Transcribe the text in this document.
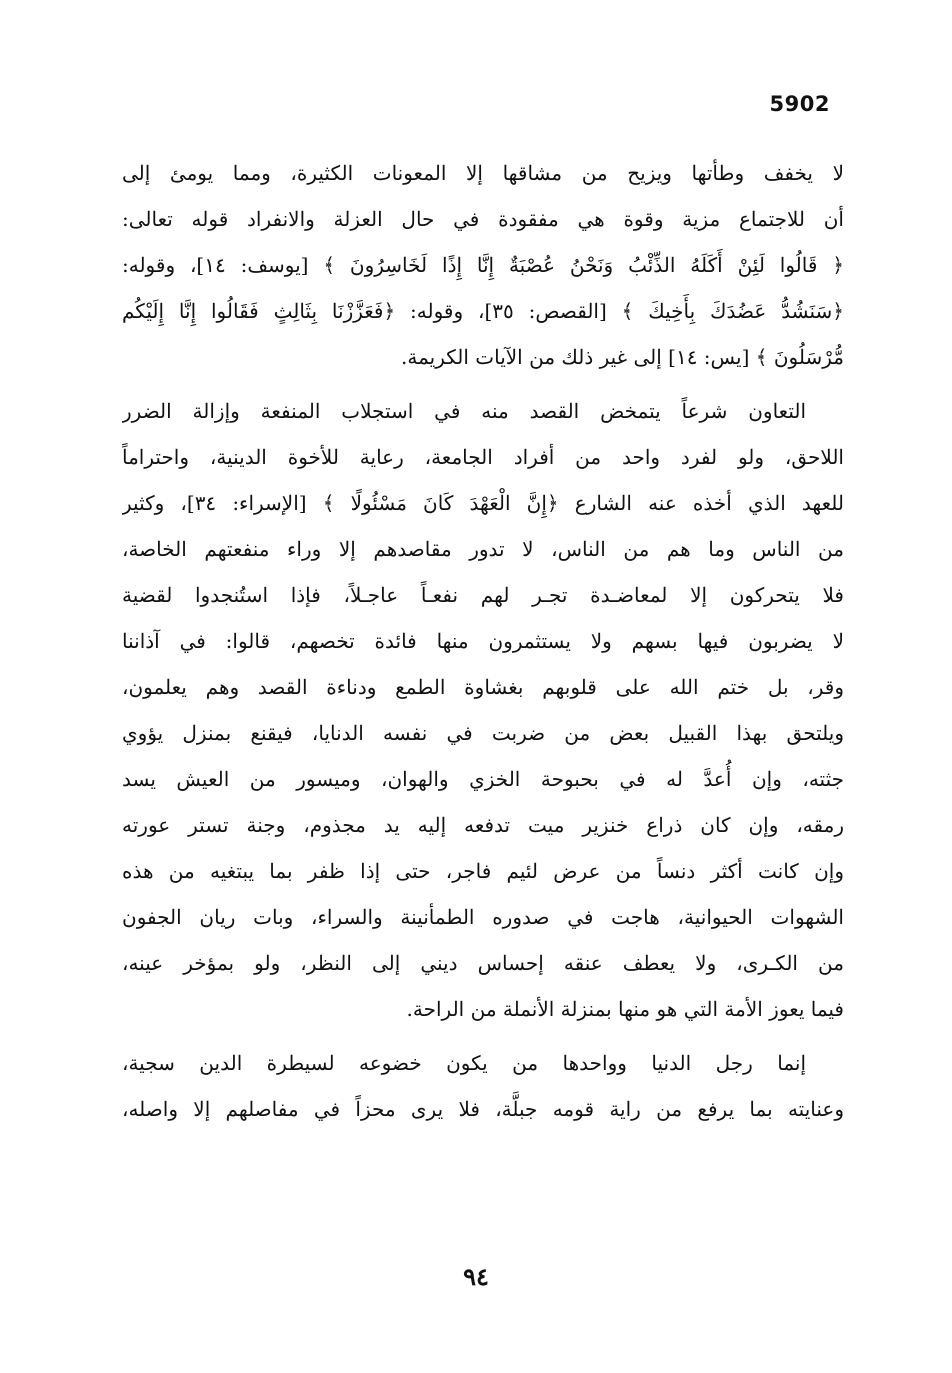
5902
لا يخفف وطأتها ويزيح من مشاقها إلا المعونات الكثيرة، ومما يومئ إلى
أن للاجتماع مزية وقوة هي مفقودة في حال العزلة والانفراد قوله تعالى:
﴿ قَالُوا لَئِنْ أَكَلَهُ الذِّئْبُ وَنَحْنُ عُصْبَةٌ إِنَّا إِذًا لَخَاسِرُونَ ﴾ [يوسف: ١٤]، وقوله:
﴿سَنَشُدُّ عَضُدَكَ بِأَخِيكَ ﴾ [القصص: ٣٥]، وقوله: ﴿فَعَزَّزْنَا بِثَالِثٍ فَقَالُوا إِنَّا إِلَيْكُم
مُّرْسَلُونَ ﴾ [يس: ١٤] إلى غير ذلك من الآيات الكريمة.
التعاون شرعاً يتمخض القصد منه في استجلاب المنفعة وإزالة الضرر
اللاحق، ولو لفرد واحد من أفراد الجامعة، رعاية للأخوة الدينية، واحتراماً
للعهد الذي أخذه عنه الشارع ﴿إِنَّ الْعَهْدَ كَانَ مَسْئُولًا ﴾ [الإسراء: ٣٤]، وكثير
من الناس وما هم من الناس، لا تدور مقاصدهم إلا وراء منفعتهم الخاصة،
فلا يتحركون إلا لمعاضـدة تجـر لهم نفعـاً عاجـلاً، فإذا استُنجدوا لقضية
لا يضربون فيها بسهم ولا يستثمرون منها فائدة تخصهم، قالوا: في آذاننا
وقر، بل ختم الله على قلوبهم بغشاوة الطمع ودناءة القصد وهم يعلمون،
ويلتحق بهذا القبيل بعض من ضربت في نفسه الدنايا، فيقنع بمنزل يؤوي
جثته، وإن أُعدَّ له في بحبوحة الخزي والهوان، وميسور من العيش يسد
رمقه، وإن كان ذراع خنزير ميت تدفعه إليه يد مجذوم، وجنة تستر عورته
وإن كانت أكثر دنساً من عرض لئيم فاجر، حتى إذا ظفر بما يبتغيه من هذه
الشهوات الحيوانية، هاجت في صدوره الطمأنينة والسراء، وبات ريان الجفون
من الكـرى، ولا يعطف عنقه إحساس ديني إلى النظر، ولو بمؤخر عينه،
فيما يعوز الأمة التي هو منها بمنزلة الأنملة من الراحة.
إنما رجل الدنيا وواحدها من يكون خضوعه لسيطرة الدين سجية،
وعنايته بما يرفع من راية قومه جبلَّة، فلا يرى محزاً في مفاصلهم إلا واصله،
٩٤
